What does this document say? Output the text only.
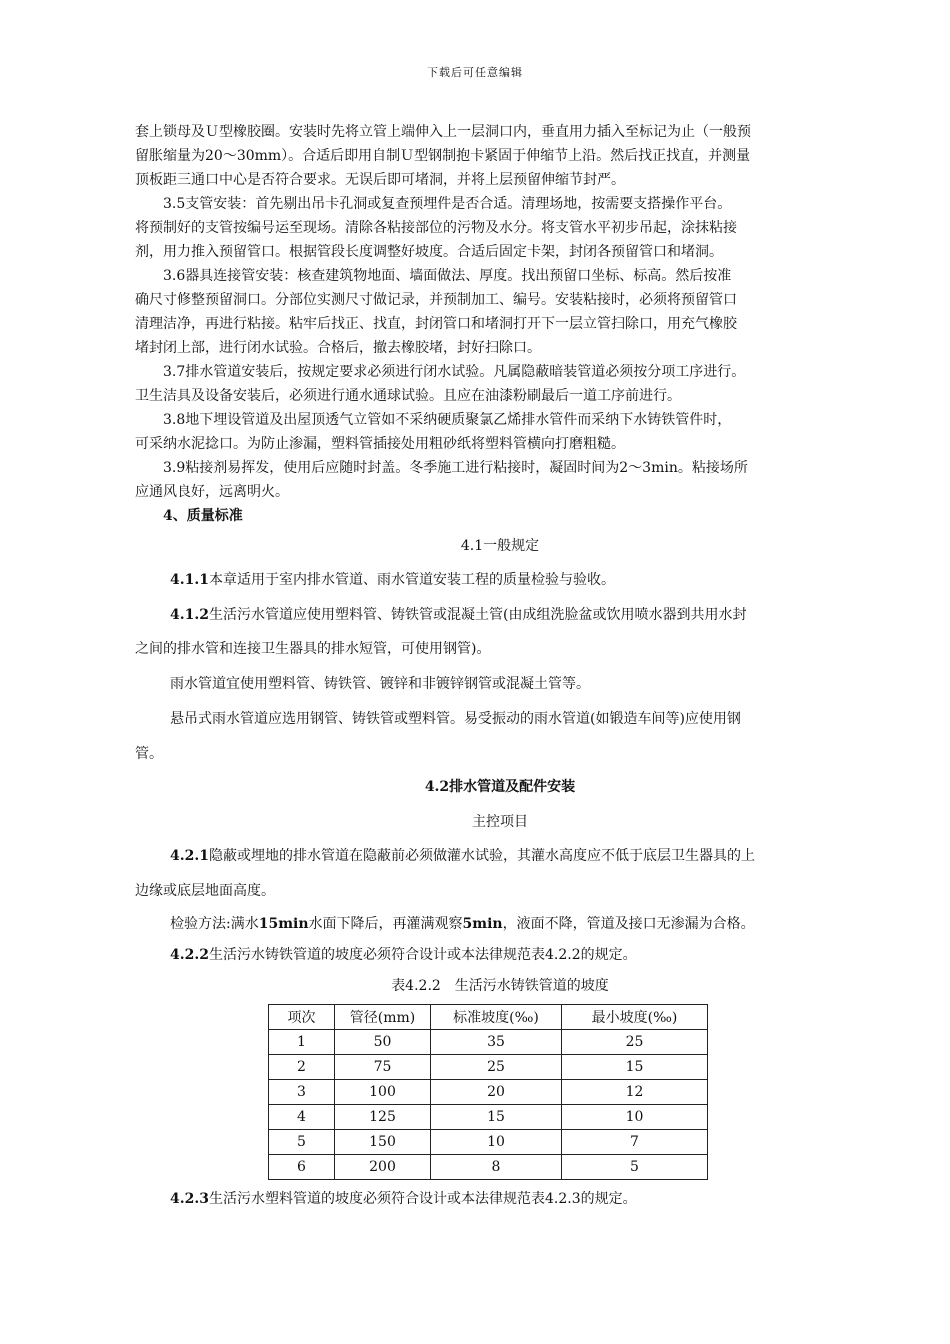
下载后可任意编辑
套上锁母及Ｕ型橡胶圈。安装时先将立管上端伸入上一层洞口内，垂直用力插入至标记为止（一般预
留胀缩量为20～30mm）。合适后即用自制Ｕ型钢制抱卡紧固于伸缩节上沿。然后找正找直，并测量
顶板距三通口中心是否符合要求。无误后即可堵洞，并将上层预留伸缩节封严。
3.5支管安装：首先剔出吊卡孔洞或复查预埋件是否合适。清理场地，按需要支搭操作平台。
将预制好的支管按编号运至现场。清除各粘接部位的污物及水分。将支管水平初步吊起，涂抹粘接
剂，用力推入预留管口。根据管段长度调整好坡度。合适后固定卡架，封闭各预留管口和堵洞。
3.6器具连接管安装：核查建筑物地面、墙面做法、厚度。找出预留口坐标、标高。然后按准
确尺寸修整预留洞口。分部位实测尺寸做记录，并预制加工、编号。安装粘接时，必须将预留管口
清理洁净，再进行粘接。粘牢后找正、找直，封闭管口和堵洞打开下一层立管扫除口，用充气橡胶
堵封闭上部，进行闭水试验。合格后，撤去橡胶堵，封好扫除口。
3.7排水管道安装后，按规定要求必须进行闭水试验。凡属隐蔽暗装管道必须按分项工序进行。
卫生洁具及设备安装后，必须进行通水通球试验。且应在油漆粉刷最后一道工序前进行。
3.8地下埋设管道及出屋顶透气立管如不采纳硬质聚氯乙烯排水管件而采纳下水铸铁管件时，
可采纳水泥捻口。为防止渗漏，塑料管插接处用粗砂纸将塑料管横向打磨粗糙。
3.9粘接剂易挥发，使用后应随时封盖。冬季施工进行粘接时，凝固时间为2～3min。粘接场所
应通风良好，远离明火。
4、质量标准
4.1一般规定
4.1.1本章适用于室内排水管道、雨水管道安装工程的质量检验与验收。
4.1.2生活污水管道应使用塑料管、铸铁管或混凝土管(由成组洗脸盆或饮用喷水器到共用水封
之间的排水管和连接卫生器具的排水短管，可使用钢管)。
雨水管道宜使用塑料管、铸铁管、镀锌和非镀锌钢管或混凝土管等。
悬吊式雨水管道应选用钢管、铸铁管或塑料管。易受振动的雨水管道(如锻造车间等)应使用钢
管。
4.2排水管道及配件安装
主控项目
4.2.1隐蔽或埋地的排水管道在隐蔽前必须做灌水试验，其灌水高度应不低于底层卫生器具的上
边缘或底层地面高度。
检验方法:满水15min水面下降后，再灌满观察5min，液面不降，管道及接口无渗漏为合格。
4.2.2生活污水铸铁管道的坡度必须符合设计或本法律规范表4.2.2的规定。
表4.2.2　生活污水铸铁管道的坡度
项次	管径(mm)	标准坡度(‰)	最小坡度(‰)
1	50	35	25
2	75	25	15
3	100	20	12
4	125	15	10
5	150	10	7
6	200	8	5
4.2.3生活污水塑料管道的坡度必须符合设计或本法律规范表4.2.3的规定。
